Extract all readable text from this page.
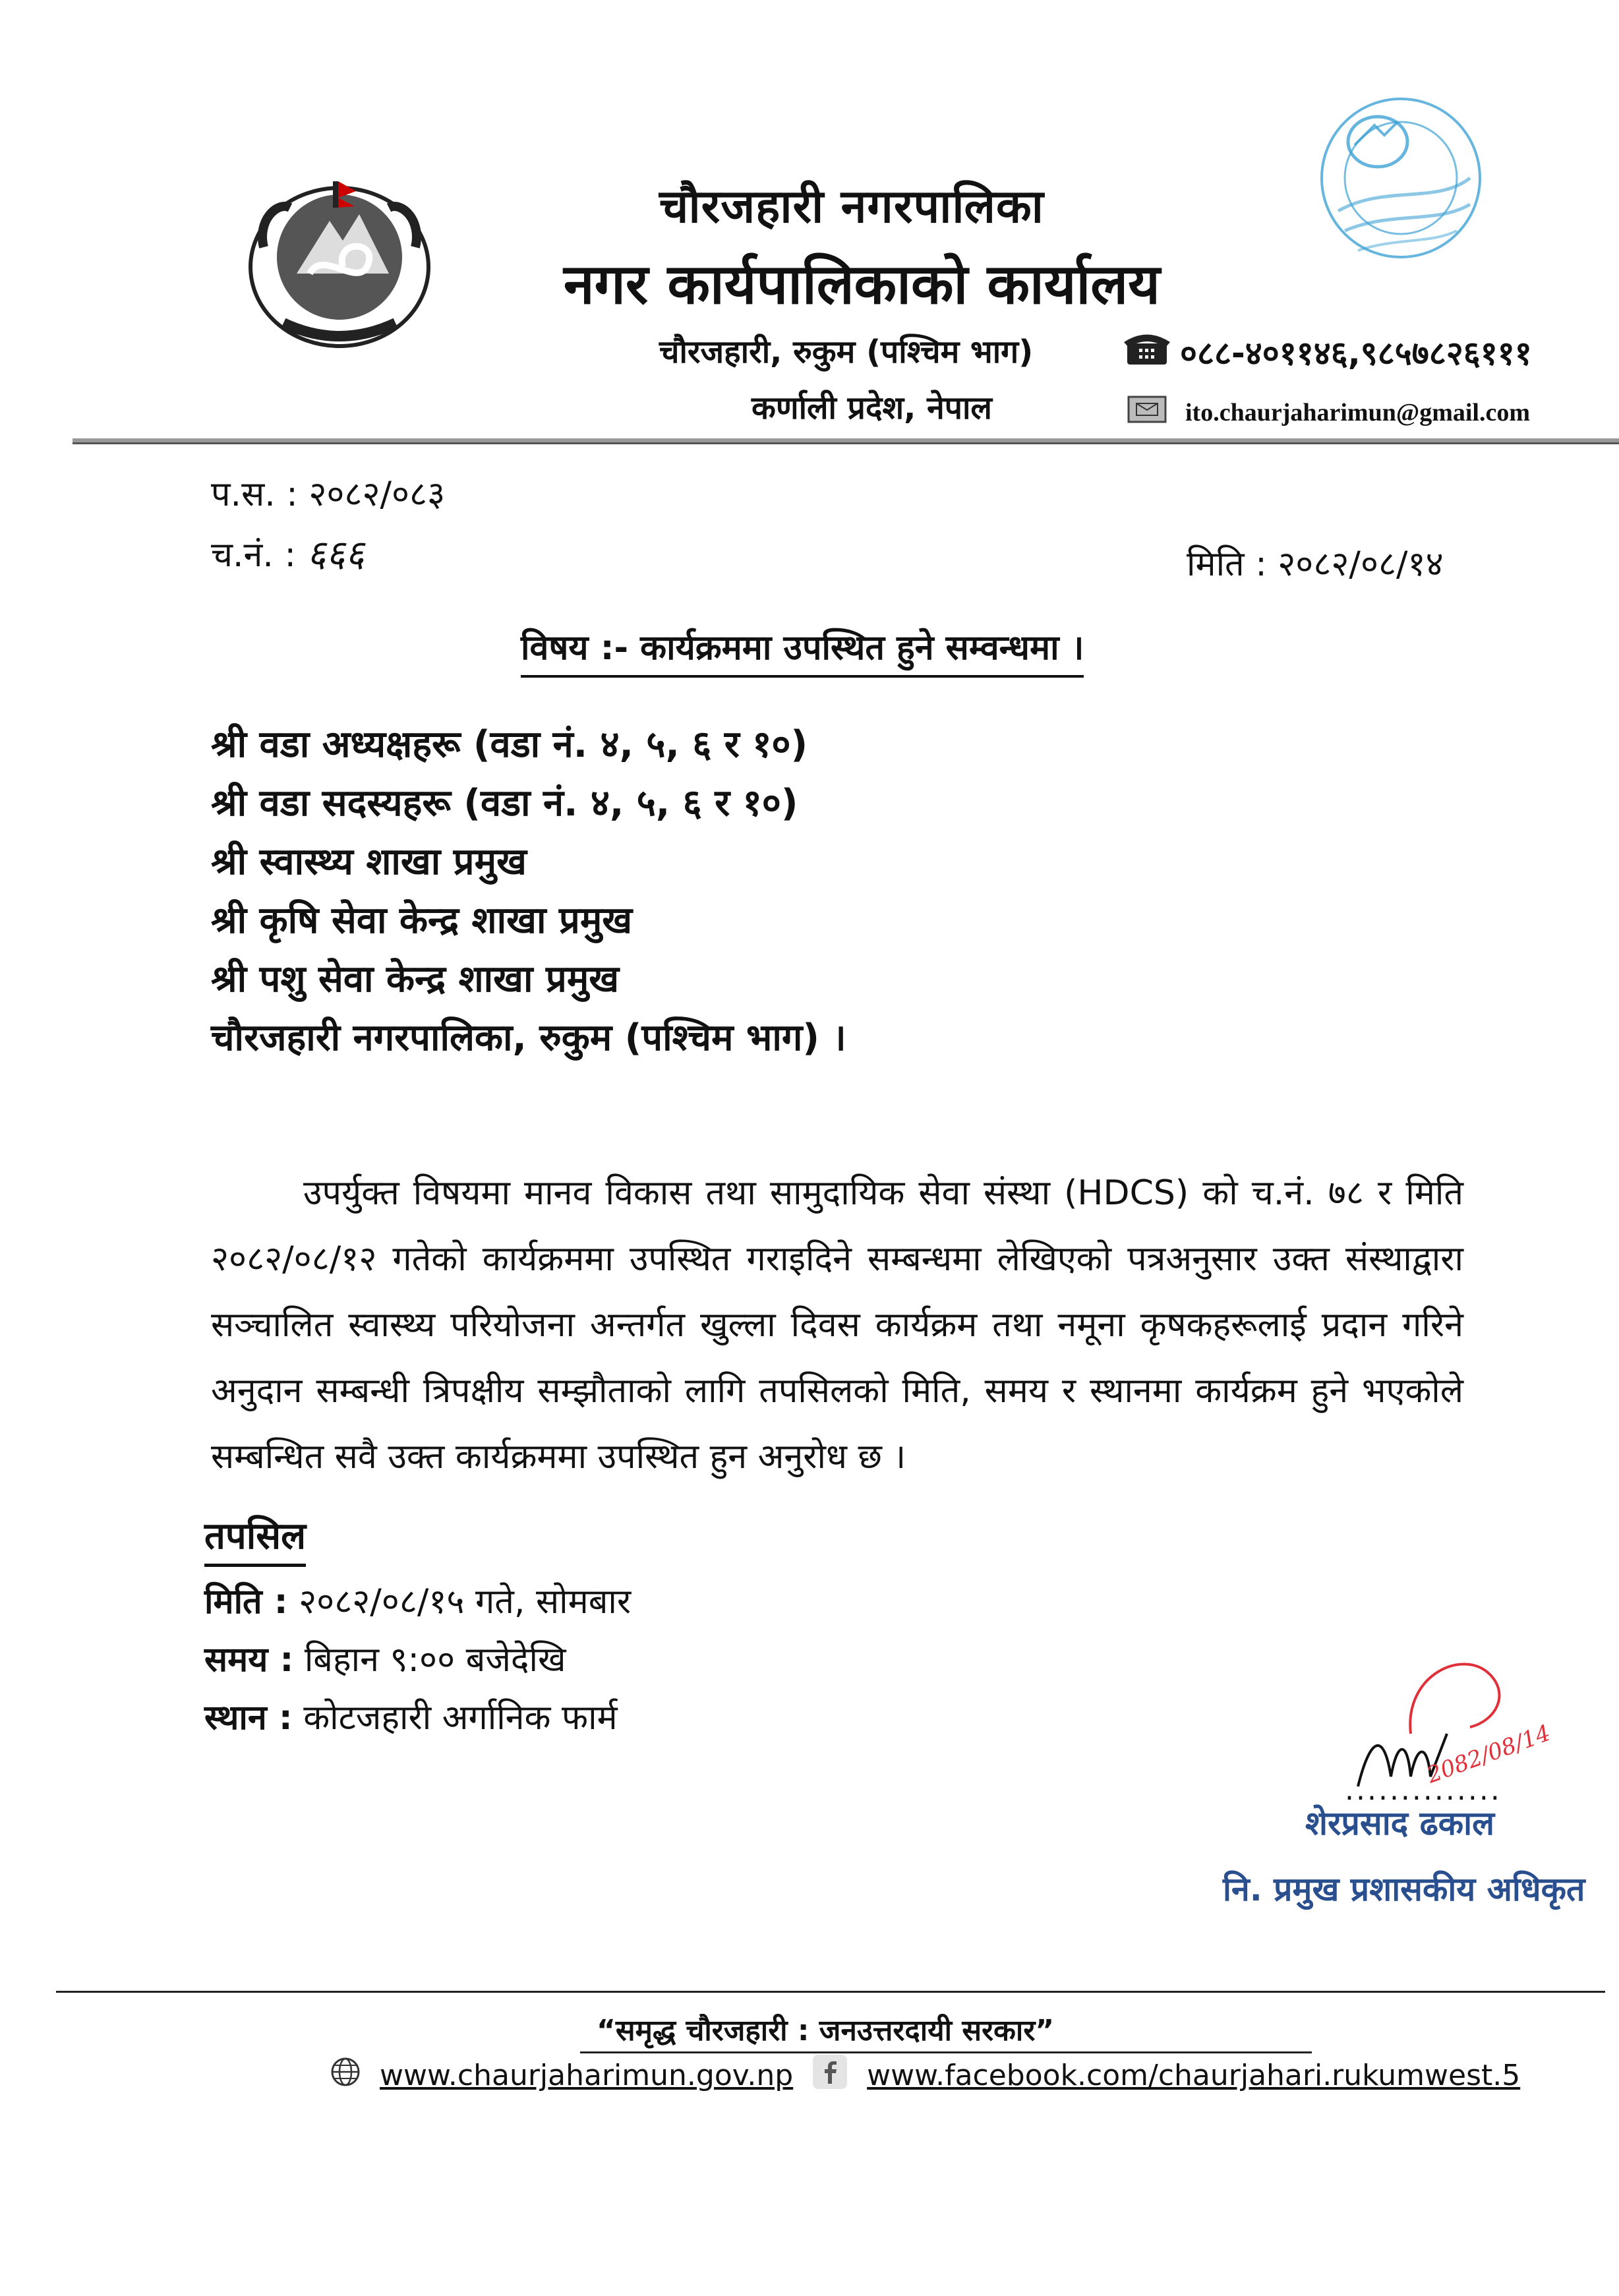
चौरजहारी नगरपालिका
नगर कार्यपालिकाको कार्यालय
चौरजहारी, रुकुम (पश्चिम भाग)
कर्णाली प्रदेश, नेपाल
०८८-४०११४६,९८५७८२६१११
ito.chaurjaharimun@gmail.com
प.स. : २०८२/०८३
च.नं. : ६६६	मिति : २०८२/०८/१४
विषय :- कार्यक्रममा उपस्थित हुने सम्वन्धमा ।
श्री वडा अध्यक्षहरू (वडा नं. ४, ५, ६ र १०)
श्री वडा सदस्यहरू (वडा नं. ४, ५, ६ र १०)
श्री स्वास्थ्य शाखा प्रमुख
श्री कृषि सेवा केन्द्र शाखा प्रमुख
श्री पशु सेवा केन्द्र शाखा प्रमुख
चौरजहारी नगरपालिका, रुकुम (पश्चिम भाग) ।
उपर्युक्त विषयमा मानव विकास तथा सामुदायिक सेवा संस्था (HDCS) को च.नं. ७८ र मिति २०८२/०८/१२ गतेको कार्यक्रममा उपस्थित गराइदिने सम्बन्धमा लेखिएको पत्रअनुसार उक्त संस्थाद्वारा सञ्चालित स्वास्थ्य परियोजना अन्तर्गत खुल्ला दिवस कार्यक्रम तथा नमूना कृषकहरूलाई प्रदान गरिने अनुदान सम्बन्धी त्रिपक्षीय सम्झौताको लागि तपसिलको मिति, समय र स्थानमा कार्यक्रम हुने भएकोले सम्बन्धित सवै उक्त कार्यक्रममा उपस्थित हुन अनुरोध छ ।
तपसिल
मिति : २०८२/०८/१५ गते, सोमबार
समय : बिहान ९:०० बजेदेखि
स्थान : कोटजहारी अर्गानिक फार्म
2082/08/14
..............
शेरप्रसाद ढकाल
नि. प्रमुख प्रशासकीय अधिकृत
“समृद्ध चौरजहारी : जनउत्तरदायी सरकार”
www.chaurjaharimun.gov.np	www.facebook.com/chaurjahari.rukumwest.5
